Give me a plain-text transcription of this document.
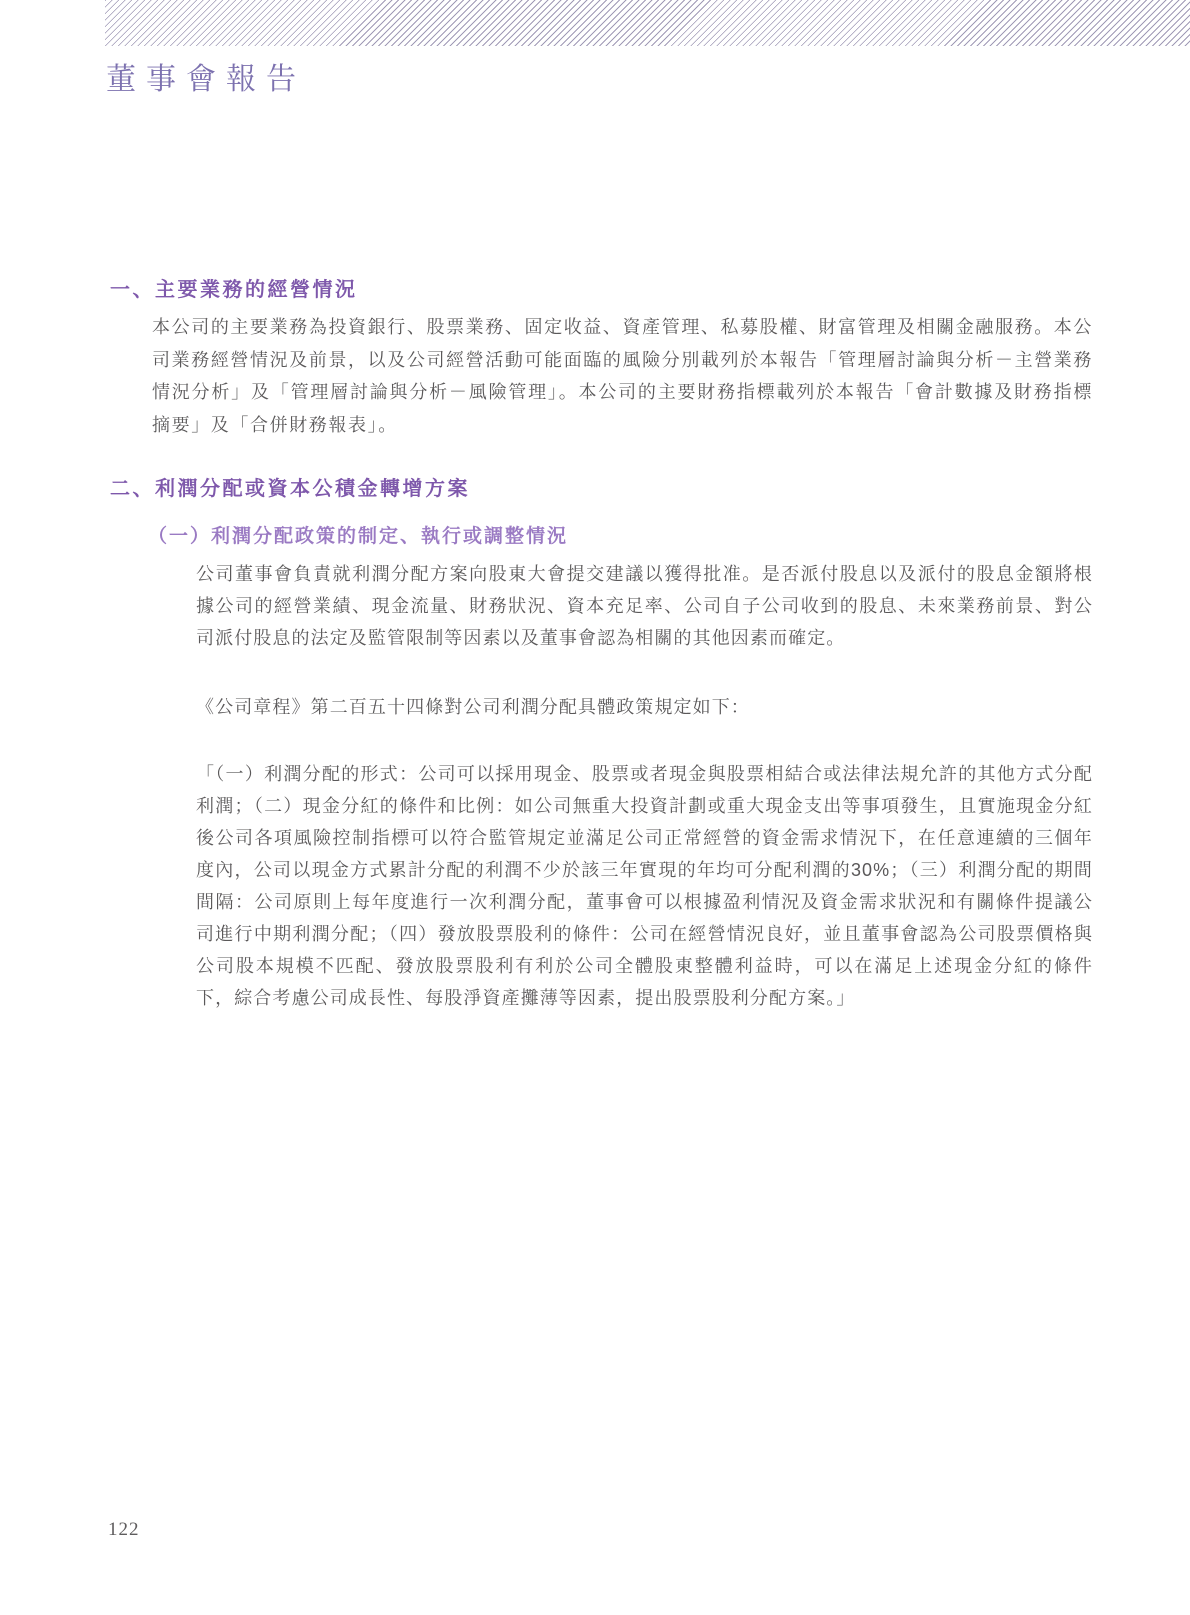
董事會報告
一、主要業務的經營情況
本公司的主要業務為投資銀行、股票業務、固定收益、資產管理、私募股權、財富管理及相關金融服務。本公司業務經營情況及前景，以及公司經營活動可能面臨的風險分別載列於本報告「管理層討論與分析－主營業務情況分析」及「管理層討論與分析－風險管理」。本公司的主要財務指標載列於本報告「會計數據及財務指標摘要」及「合併財務報表」。
二、利潤分配或資本公積金轉增方案
（一）利潤分配政策的制定、執行或調整情況
公司董事會負責就利潤分配方案向股東大會提交建議以獲得批准。是否派付股息以及派付的股息金額將根據公司的經營業績、現金流量、財務狀況、資本充足率、公司自子公司收到的股息、未來業務前景、對公司派付股息的法定及監管限制等因素以及董事會認為相關的其他因素而確定。
《公司章程》第二百五十四條對公司利潤分配具體政策規定如下：
「（一）利潤分配的形式：公司可以採用現金、股票或者現金與股票相結合或法律法規允許的其他方式分配利潤；（二）現金分紅的條件和比例：如公司無重大投資計劃或重大現金支出等事項發生，且實施現金分紅後公司各項風險控制指標可以符合監管規定並滿足公司正常經營的資金需求情況下，在任意連續的三個年度內，公司以現金方式累計分配的利潤不少於該三年實現的年均可分配利潤的30%；（三）利潤分配的期間間隔：公司原則上每年度進行一次利潤分配，董事會可以根據盈利情況及資金需求狀況和有關條件提議公司進行中期利潤分配；（四）發放股票股利的條件：公司在經營情況良好，並且董事會認為公司股票價格與公司股本規模不匹配、發放股票股利有利於公司全體股東整體利益時，可以在滿足上述現金分紅的條件下，綜合考慮公司成長性、每股淨資產攤薄等因素，提出股票股利分配方案。」
122
